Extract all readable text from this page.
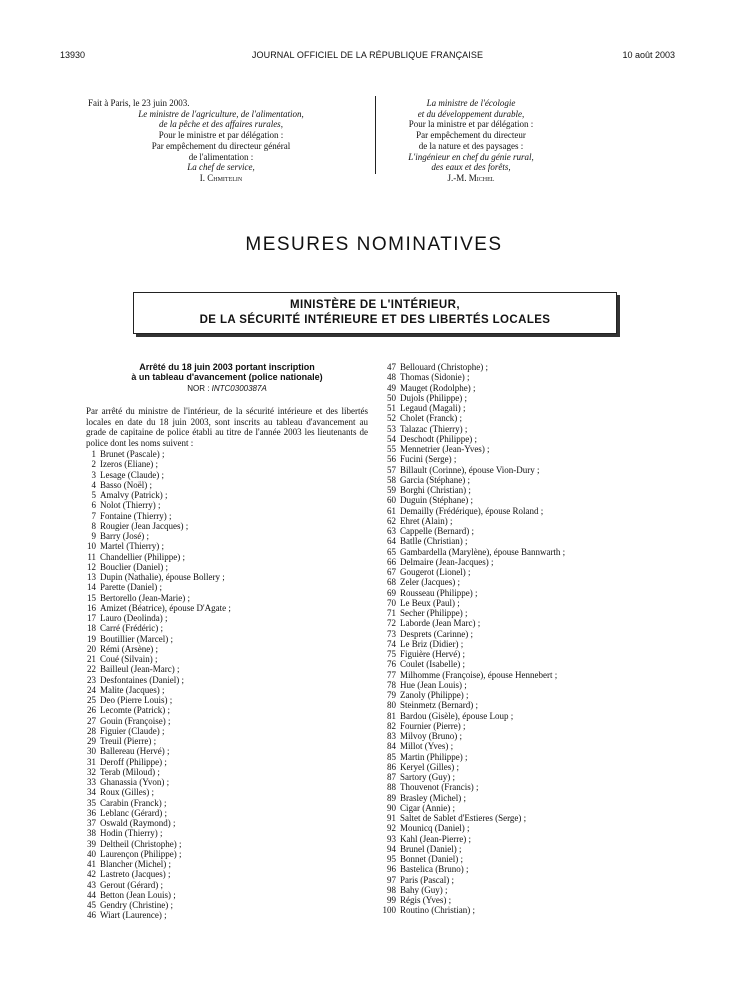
13930	JOURNAL OFFICIEL DE LA RÉPUBLIQUE FRANÇAISE	10 août 2003
Fait à Paris, le 23 juin 2003.
Le ministre de l'agriculture, de l'alimentation,
de la pêche et des affaires rurales,
Pour le ministre et par délégation :
Par empêchement du directeur général
de l'alimentation :
La chef de service,
I. Chmitelin
La ministre de l'écologie
et du développement durable,
Pour la ministre et par délégation :
Par empêchement du directeur
de la nature et des paysages :
L'ingénieur en chef du génie rural,
des eaux et des forêts,
J.-M. Michel
MESURES NOMINATIVES
MINISTÈRE DE L'INTÉRIEUR,
DE LA SÉCURITÉ INTÉRIEURE ET DES LIBERTÉS LOCALES
Arrêté du 18 juin 2003 portant inscription
à un tableau d'avancement (police nationale)
NOR : INTC0300387A
Par arrêté du ministre de l'intérieur, de la sécurité intérieure et des libertés locales en date du 18 juin 2003, sont inscrits au tableau d'avancement au grade de capitaine de police établi au titre de l'année 2003 les lieutenants de police dont les noms suivent :
1 Brunet (Pascale) ;
2 Izeros (Eliane) ;
3 Lesage (Claude) ;
4 Basso (Noël) ;
5 Amalvy (Patrick) ;
6 Nolot (Thierry) ;
7 Fontaine (Thierry) ;
8 Rougier (Jean Jacques) ;
9 Barry (José) ;
10 Martel (Thierry) ;
11 Chandellier (Philippe) ;
12 Bouclier (Daniel) ;
13 Dupin (Nathalie), épouse Bollery ;
14 Parette (Daniel) ;
15 Bertorello (Jean-Marie) ;
16 Amizet (Béatrice), épouse D'Agate ;
17 Lauro (Deolinda) ;
18 Carré (Frédéric) ;
19 Boutillier (Marcel) ;
20 Rémi (Arsène) ;
21 Coué (Silvain) ;
22 Bailleul (Jean-Marc) ;
23 Desfontaines (Daniel) ;
24 Malite (Jacques) ;
25 Deo (Pierre Louis) ;
26 Lecomte (Patrick) ;
27 Gouin (Françoise) ;
28 Figuier (Claude) ;
29 Treuil (Pierre) ;
30 Ballereau (Hervé) ;
31 Deroff (Philippe) ;
32 Terab (Miloud) ;
33 Ghanassia (Yvon) ;
34 Roux (Gilles) ;
35 Carabin (Franck) ;
36 Leblanc (Gérard) ;
37 Oswald (Raymond) ;
38 Hodin (Thierry) ;
39 Deltheil (Christophe) ;
40 Laurençon (Philippe) ;
41 Blancher (Michel) ;
42 Lastreto (Jacques) ;
43 Gerout (Gérard) ;
44 Betton (Jean Louis) ;
45 Gendry (Christine) ;
46 Wiart (Laurence) ;
47 Bellouard (Christophe) ;
48 Thomas (Sidonie) ;
49 Mauget (Rodolphe) ;
50 Dujols (Philippe) ;
51 Legaud (Magali) ;
52 Cholet (Franck) ;
53 Talazac (Thierry) ;
54 Deschodt (Philippe) ;
55 Mennetrier (Jean-Yves) ;
56 Fucini (Serge) ;
57 Billault (Corinne), épouse Vion-Dury ;
58 Garcia (Stéphane) ;
59 Borghi (Christian) ;
60 Duguin (Stéphane) ;
61 Demailly (Frédérique), épouse Roland ;
62 Ehret (Alain) ;
63 Cappelle (Bernard) ;
64 Batlle (Christian) ;
65 Gambardella (Marylène), épouse Bannwarth ;
66 Delmaire (Jean-Jacques) ;
67 Gougerot (Lionel) ;
68 Zeler (Jacques) ;
69 Rousseau (Philippe) ;
70 Le Beux (Paul) ;
71 Secher (Philippe) ;
72 Laborde (Jean Marc) ;
73 Desprets (Carinne) ;
74 Le Briz (Didier) ;
75 Figuière (Hervé) ;
76 Coulet (Isabelle) ;
77 Milhomme (Françoise), épouse Hennebert ;
78 Hue (Jean Louis) ;
79 Zanoly (Philippe) ;
80 Steinmetz (Bernard) ;
81 Bardou (Gisèle), épouse Loup ;
82 Fournier (Pierre) ;
83 Milvoy (Bruno) ;
84 Millot (Yves) ;
85 Martin (Philippe) ;
86 Keryel (Gilles) ;
87 Sartory (Guy) ;
88 Thouvenot (Francis) ;
89 Brasley (Michel) ;
90 Cigar (Annie) ;
91 Saltet de Sablet d'Estieres (Serge) ;
92 Mounicq (Daniel) ;
93 Kahl (Jean-Pierre) ;
94 Brunel (Daniel) ;
95 Bonnet (Daniel) ;
96 Bastelica (Bruno) ;
97 Paris (Pascal) ;
98 Bahy (Guy) ;
99 Régis (Yves) ;
100 Routino (Christian) ;
